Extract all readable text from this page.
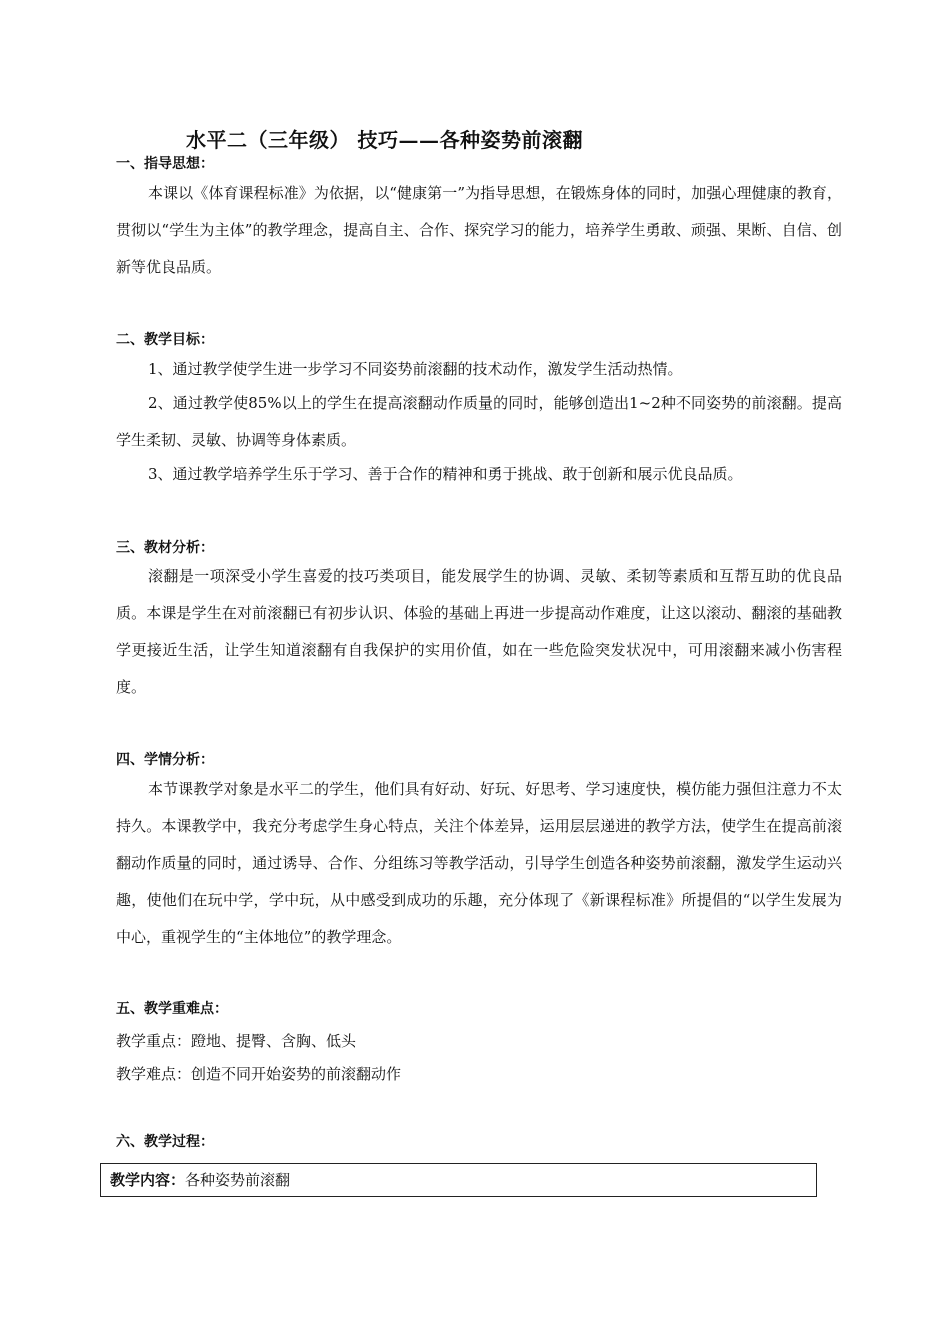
水平二（三年级） 技巧——各种姿势前滚翻
一、指导思想：
本课以《体育课程标准》为依据，以“健康第一”为指导思想，在锻炼身体的同时，加强心理健康的教育，贯彻以“学生为主体”的教学理念，提高自主、合作、探究学习的能力，培养学生勇敢、顽强、果断、自信、创新等优良品质。
二、教学目标：
1、通过教学使学生进一步学习不同姿势前滚翻的技术动作，激发学生活动热情。
2、通过教学使85%以上的学生在提高滚翻动作质量的同时，能够创造出1~2种不同姿势的前滚翻。提高学生柔韧、灵敏、协调等身体素质。
3、通过教学培养学生乐于学习、善于合作的精神和勇于挑战、敢于创新和展示优良品质。
三、教材分析：
滚翻是一项深受小学生喜爱的技巧类项目，能发展学生的协调、灵敏、柔韧等素质和互帮互助的优良品质。本课是学生在对前滚翻已有初步认识、体验的基础上再进一步提高动作难度，让这以滚动、翻滚的基础教学更接近生活，让学生知道滚翻有自我保护的实用价值，如在一些危险突发状况中，可用滚翻来减小伤害程度。
四、学情分析：
本节课教学对象是水平二的学生，他们具有好动、好玩、好思考、学习速度快，模仿能力强但注意力不太持久。本课教学中，我充分考虑学生身心特点，关注个体差异，运用层层递进的教学方法，使学生在提高前滚翻动作质量的同时，通过诱导、合作、分组练习等教学活动，引导学生创造各种姿势前滚翻，激发学生运动兴趣，使他们在玩中学，学中玩，从中感受到成功的乐趣，充分体现了《新课程标准》所提倡的“以学生发展为中心，重视学生的“主体地位”的教学理念。
五、教学重难点：
教学重点：蹬地、提臀、含胸、低头
教学难点：创造不同开始姿势的前滚翻动作
六、教学过程：
教学内容： 各种姿势前滚翻
